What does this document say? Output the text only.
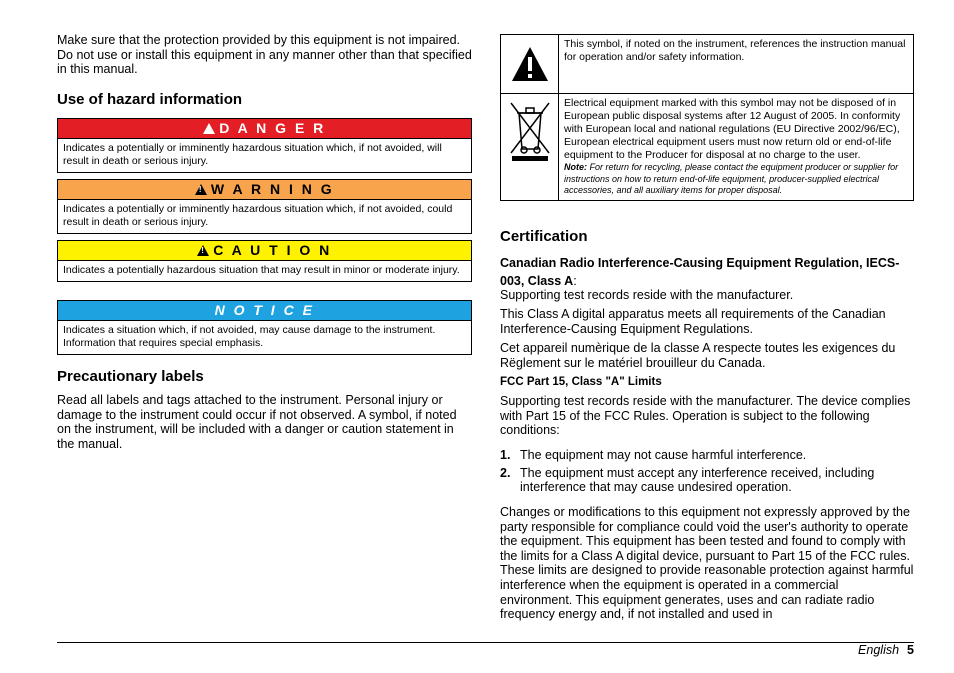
Make sure that the protection provided by this equipment is not impaired. Do not use or install this equipment in any manner other than that specified in this manual.

Use of hazard information
!D A N G E R
Indicates a potentially or imminently hazardous situation which, if not avoided, will result in death or serious injury.
!W A R N I N G
Indicates a potentially or imminently hazardous situation which, if not avoided, could result in death or serious injury.
!C A U T I O N
Indicates a potentially hazardous situation that may result in minor or moderate injury.
N O T I C E
Indicates a situation which, if not avoided, may cause damage to the instrument. Information that requires special emphasis.
Precautionary labels

Read all labels and tags attached to the instrument. Personal injury or damage to the instrument could occur if not observed. A symbol, if noted on the instrument, will be included with a danger or caution statement in the manual.

	This symbol, if noted on the instrument, references the instruction manual for operation and/or safety information.
	Electrical equipment marked with this symbol may not be disposed of in European public disposal systems after 12 August of 2005. In conformity with European local and national regulations (EU Directive 2002/96/EC), European electrical equipment users must now return old or end-of-life equipment to the Producer for disposal at no charge to the user.
Note: For return for recycling, please contact the equipment producer or supplier for instructions on how to return end-of-life equipment, producer-supplied electrical accessories, and all auxiliary items for proper disposal.
Certification
Canadian Radio Interference-Causing Equipment Regulation, IECS-003, Class A:

Supporting test records reside with the manufacturer.

This Class A digital apparatus meets all requirements of the Canadian Interference-Causing Equipment Regulations.

Cet appareil numèrique de la classe A respecte toutes les exigences du Rëglement sur le matériel brouilleur du Canada.

FCC Part 15, Class "A" Limits

Supporting test records reside with the manufacturer. The device complies with Part 15 of the FCC Rules. Operation is subject to the following conditions:

1. The equipment may not cause harmful interference.
2. The equipment must accept any interference received, including interference that may cause undesired operation.

Changes or modifications to this equipment not expressly approved by the party responsible for compliance could void the user's authority to operate the equipment. This equipment has been tested and found to comply with the limits for a Class A digital device, pursuant to Part 15 of the FCC rules. These limits are designed to provide reasonable protection against harmful interference when the equipment is operated in a commercial environment. This equipment generates, uses and can radiate radio frequency energy and, if not installed and used in

English 5
